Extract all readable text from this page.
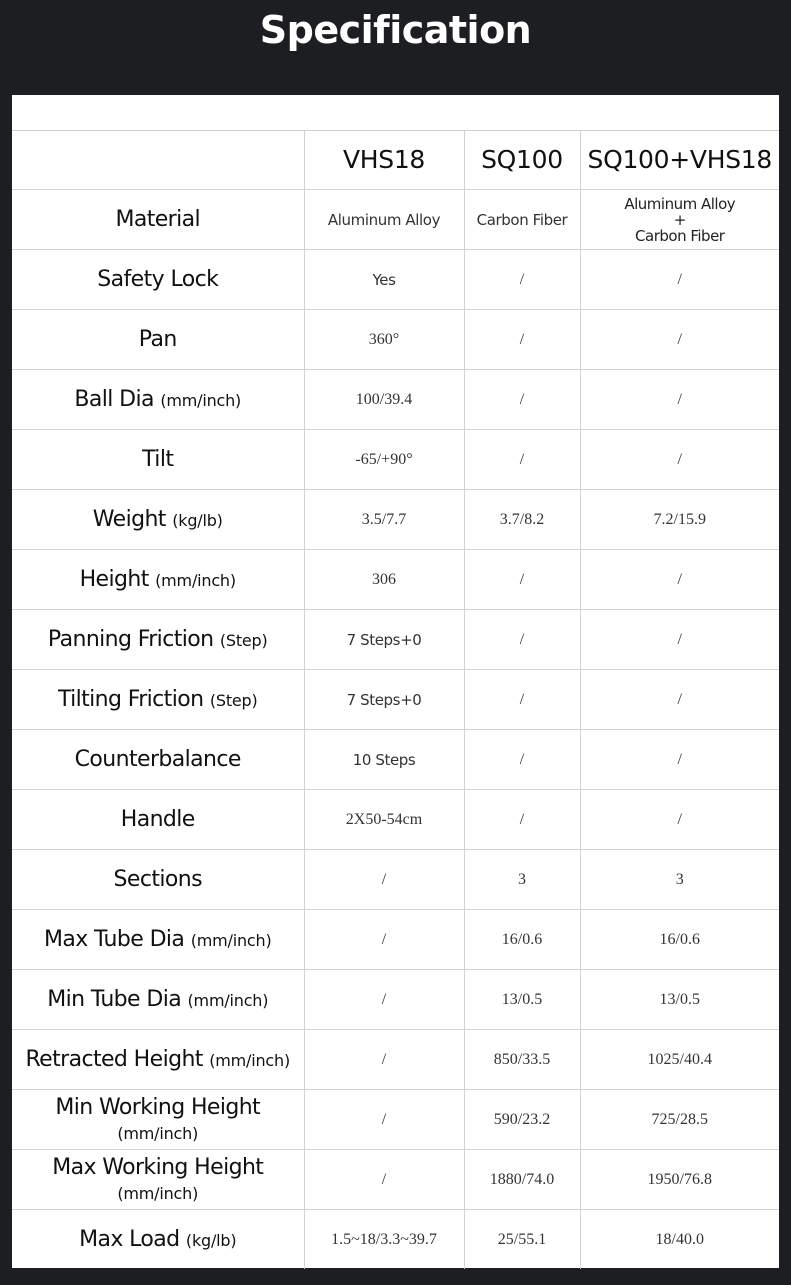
Specification
	VHS18	SQ100	SQ100+VHS18
Material	Aluminum Alloy	Carbon Fiber	Aluminum Alloy
+
Carbon Fiber

Safety Lock	Yes	/	/
Pan	360°	/	/
Ball Dia (mm/inch)	100/39.4	/	/
Tilt	-65/+90°	/	/
Weight (kg/lb)	3.5/7.7	3.7/8.2	7.2/15.9
Height (mm/inch)	306	/	/
Panning Friction (Step)	7 Steps+0	/	/
Tilting Friction (Step)	7 Steps+0	/	/
Counterbalance	10 Steps	/	/
Handle	2X50-54cm	/	/
Sections	/	3	3
Max Tube Dia (mm/inch)	/	16/0.6	16/0.6
Min Tube Dia (mm/inch)	/	13/0.5	13/0.5
Retracted Height (mm/inch)	/	850/33.5	1025/40.4
Min Working Height (mm/inch)	/	590/23.2	725/28.5
Max Working Height (mm/inch)	/	1880/74.0	1950/76.8
Max Load (kg/lb)	1.5~18/3.3~39.7	25/55.1	18/40.0
